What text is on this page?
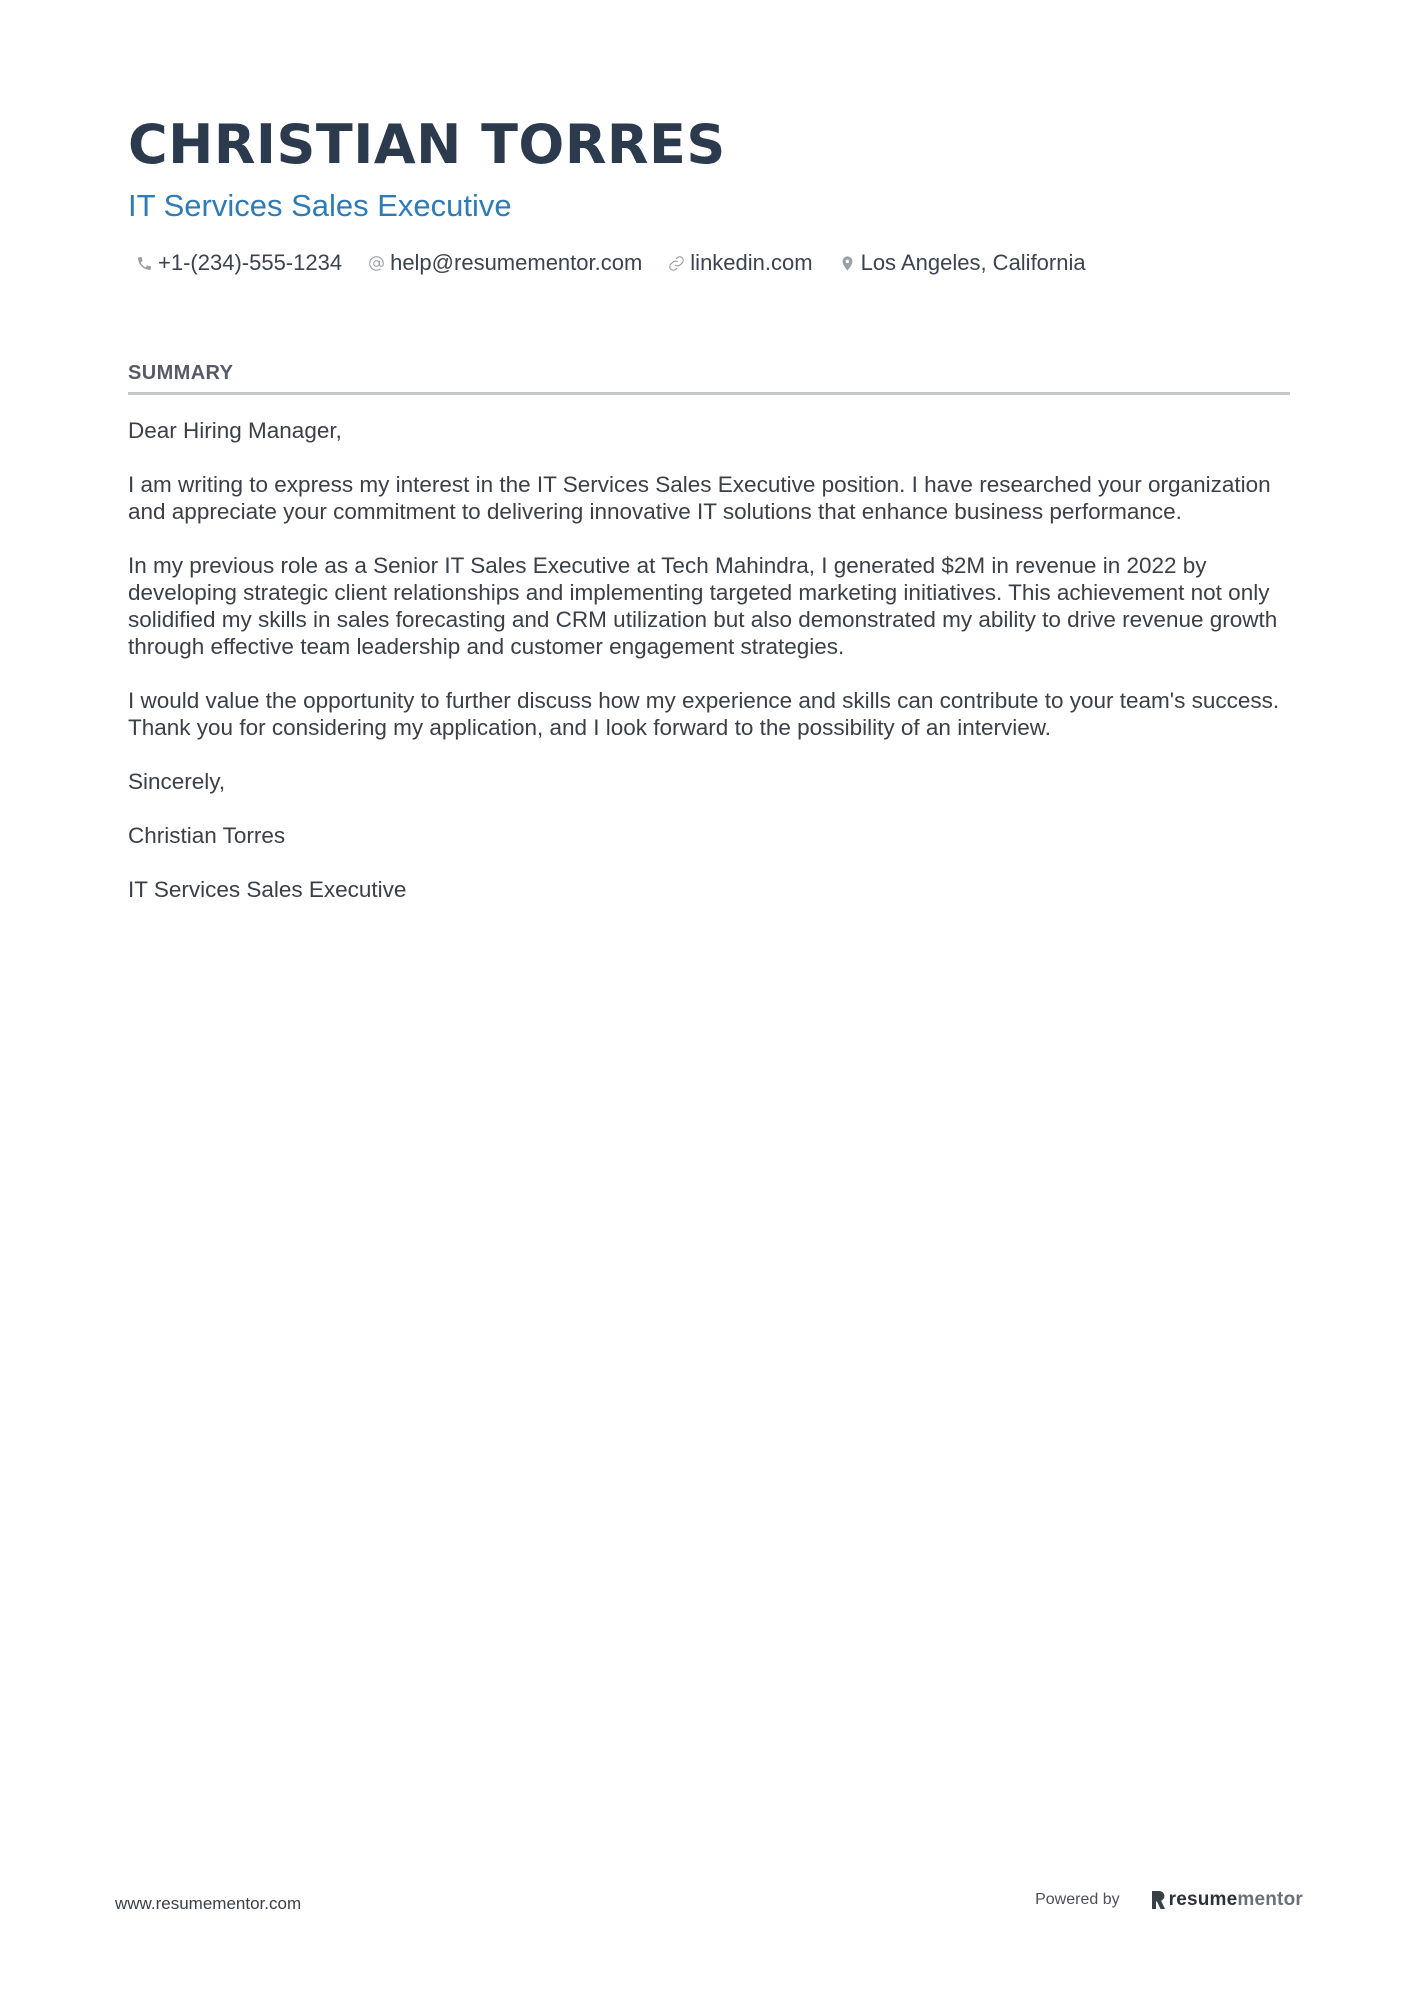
CHRISTIAN TORRES
IT Services Sales Executive
+1-(234)-555-1234 help@resumementor.com linkedin.com Los Angeles, California
SUMMARY

Dear Hiring Manager,

I am writing to express my interest in the IT Services Sales Executive position. I have researched your organization and appreciate your commitment to delivering innovative IT solutions that enhance business performance.

In my previous role as a Senior IT Sales Executive at Tech Mahindra, I generated $2M in revenue in 2022 by developing strategic client relationships and implementing targeted marketing initiatives. This achievement not only solidified my skills in sales forecasting and CRM utilization but also demonstrated my ability to drive revenue growth through effective team leadership and customer engagement strategies.

I would value the opportunity to further discuss how my experience and skills can contribute to your team's success. Thank you for considering my application, and I look forward to the possibility of an interview.

Sincerely,

Christian Torres

IT Services Sales Executive

www.resumementor.com	Powered by	resume mentor
